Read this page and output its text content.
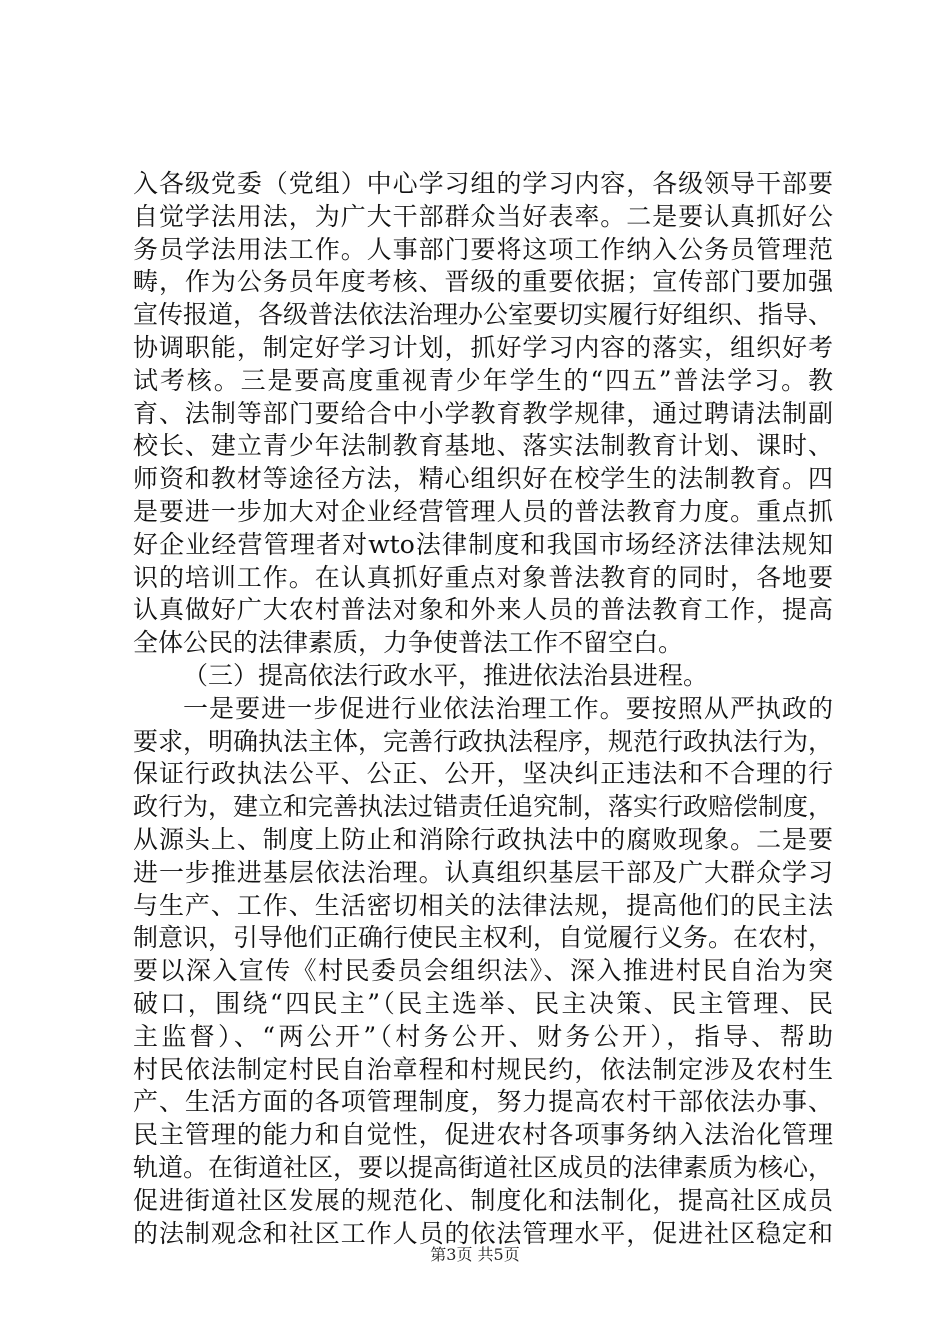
入各级党委（党组）中心学习组的学习内容，各级领导干部要
自觉学法用法，为广大干部群众当好表率。二是要认真抓好公
务员学法用法工作。人事部门要将这项工作纳入公务员管理范
畴，作为公务员年度考核、晋级的重要依据；宣传部门要加强
宣传报道，各级普法依法治理办公室要切实履行好组织、指导、
协调职能，制定好学习计划，抓好学习内容的落实，组织好考
试考核。三是要高度重视青少年学生的“四五”普法学习。教
育、法制等部门要给合中小学教育教学规律，通过聘请法制副
校长、建立青少年法制教育基地、落实法制教育计划、课时、
师资和教材等途径方法，精心组织好在校学生的法制教育。四
是要进一步加大对企业经营管理人员的普法教育力度。重点抓
好企业经营管理者对wto法律制度和我国市场经济法律法规知
识的培训工作。在认真抓好重点对象普法教育的同时，各地要
认真做好广大农村普法对象和外来人员的普法教育工作，提高
全体公民的法律素质，力争使普法工作不留空白。
（三）提高依法行政水平，推进依法治县进程。
一是要进一步促进行业依法治理工作。要按照从严执政的
要求，明确执法主体，完善行政执法程序，规范行政执法行为，
保证行政执法公平、公正、公开，坚决纠正违法和不合理的行
政行为，建立和完善执法过错责任追究制，落实行政赔偿制度，
从源头上、制度上防止和消除行政执法中的腐败现象。二是要
进一步推进基层依法治理。认真组织基层干部及广大群众学习
与生产、工作、生活密切相关的法律法规，提高他们的民主法
制意识，引导他们正确行使民主权利，自觉履行义务。在农村，
要以深入宣传《村民委员会组织法》、深入推进村民自治为突
破口，围绕“四民主”（民主选举、民主决策、民主管理、民
主监督）、“两公开”（村务公开、财务公开），指导、帮助
村民依法制定村民自治章程和村规民约，依法制定涉及农村生
产、生活方面的各项管理制度，努力提高农村干部依法办事、
民主管理的能力和自觉性，促进农村各项事务纳入法治化管理
轨道。在街道社区，要以提高街道社区成员的法律素质为核心，
促进街道社区发展的规范化、制度化和法制化，提高社区成员
的法制观念和社区工作人员的依法管理水平，促进社区稳定和
第3页 共5页
